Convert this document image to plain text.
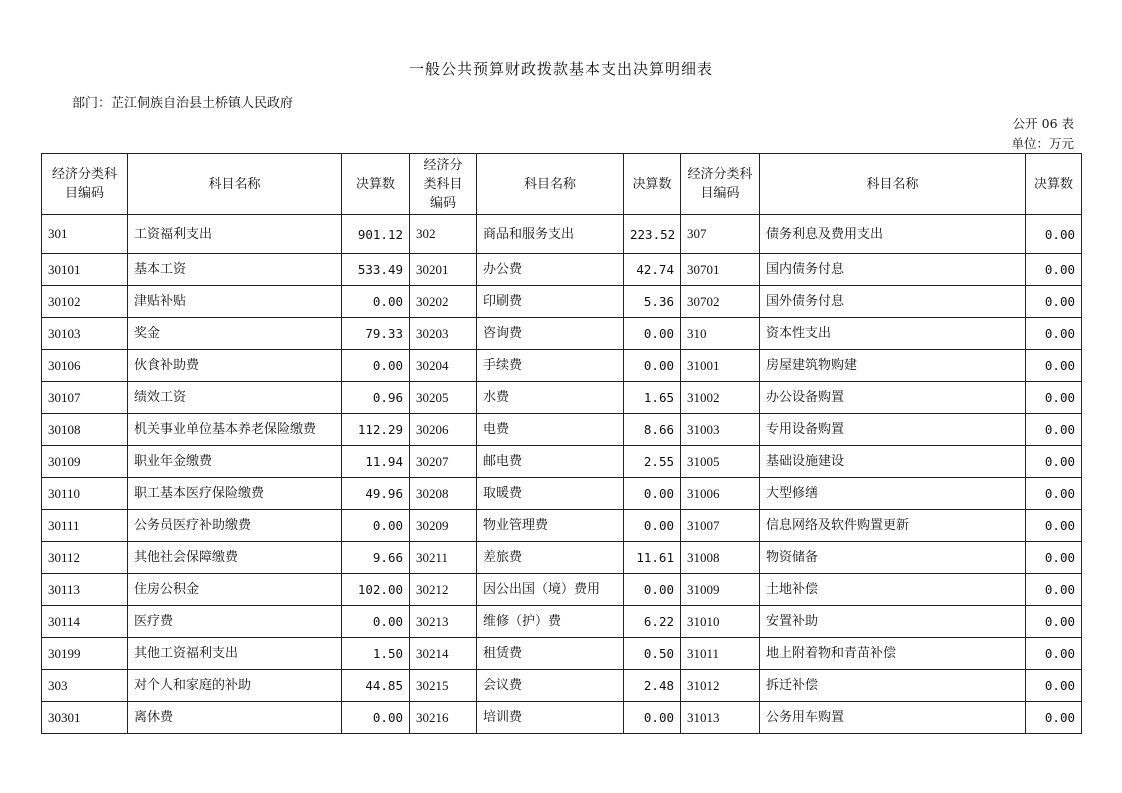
一般公共预算财政拨款基本支出决算明细表
部门：芷江侗族自治县土桥镇人民政府
公开 06 表
单位：万元
经济分类科目编码	科目名称	决算数	经济分类科目编码	科目名称	决算数	经济分类科目编码	科目名称	决算数
301	工资福利支出	901.12	302	商品和服务支出	223.52	307	债务利息及费用支出	0.00
30101	基本工资	533.49	30201	办公费	42.74	30701	国内债务付息	0.00
30102	津贴补贴	0.00	30202	印刷费	5.36	30702	国外债务付息	0.00
30103	奖金	79.33	30203	咨询费	0.00	310	资本性支出	0.00
30106	伙食补助费	0.00	30204	手续费	0.00	31001	房屋建筑物购建	0.00
30107	绩效工资	0.96	30205	水费	1.65	31002	办公设备购置	0.00
30108	机关事业单位基本养老保险缴费	112.29	30206	电费	8.66	31003	专用设备购置	0.00
30109	职业年金缴费	11.94	30207	邮电费	2.55	31005	基础设施建设	0.00
30110	职工基本医疗保险缴费	49.96	30208	取暖费	0.00	31006	大型修缮	0.00
30111	公务员医疗补助缴费	0.00	30209	物业管理费	0.00	31007	信息网络及软件购置更新	0.00
30112	其他社会保障缴费	9.66	30211	差旅费	11.61	31008	物资储备	0.00
30113	住房公积金	102.00	30212	因公出国（境）费用	0.00	31009	土地补偿	0.00
30114	医疗费	0.00	30213	维修（护）费	6.22	31010	安置补助	0.00
30199	其他工资福利支出	1.50	30214	租赁费	0.50	31011	地上附着物和青苗补偿	0.00
303	对个人和家庭的补助	44.85	30215	会议费	2.48	31012	拆迁补偿	0.00
30301	离休费	0.00	30216	培训费	0.00	31013	公务用车购置	0.00
